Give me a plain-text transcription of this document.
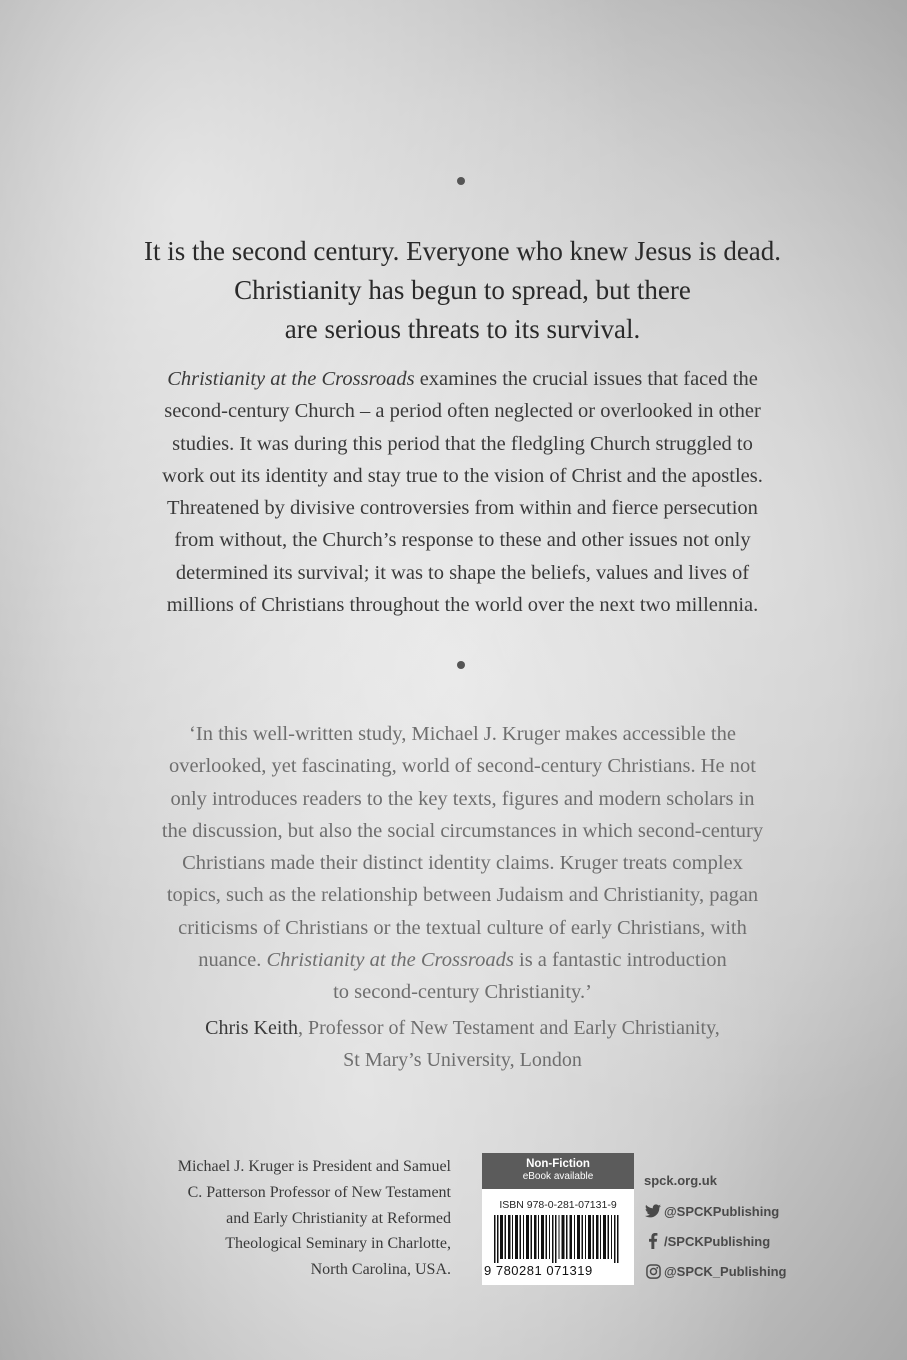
It is the second century. Everyone who knew Jesus is dead.
Christianity has begun to spread, but there
are serious threats to its survival.
Christianity at the Crossroads examines the crucial issues that faced the
second-century Church – a period often neglected or overlooked in other
studies. It was during this period that the fledgling Church struggled to
work out its identity and stay true to the vision of Christ and the apostles.
Threatened by divisive controversies from within and fierce persecution
from without, the Church’s response to these and other issues not only
determined its survival; it was to shape the beliefs, values and lives of
millions of Christians throughout the world over the next two millennia.
‘In this well-written study, Michael J. Kruger makes accessible the
overlooked, yet fascinating, world of second-century Christians. He not
only introduces readers to the key texts, figures and modern scholars in
the discussion, but also the social circumstances in which second-century
Christians made their distinct identity claims. Kruger treats complex
topics, such as the relationship between Judaism and Christianity, pagan
criticisms of Christians or the textual culture of early Christians, with
nuance. Christianity at the Crossroads is a fantastic introduction
to second-century Christianity.’
Chris Keith, Professor of New Testament and Early Christianity,
St Mary’s University, London
Michael J. Kruger is President and Samuel
C. Patterson Professor of New Testament
and Early Christianity at Reformed
Theological Seminary in Charlotte,
North Carolina, USA.
Non-Fiction
eBook available
ISBN 978-0-281-07131-9
9 780281 071319
spck.org.uk
@SPCKPublishing
/SPCKPublishing
@SPCK_Publishing
